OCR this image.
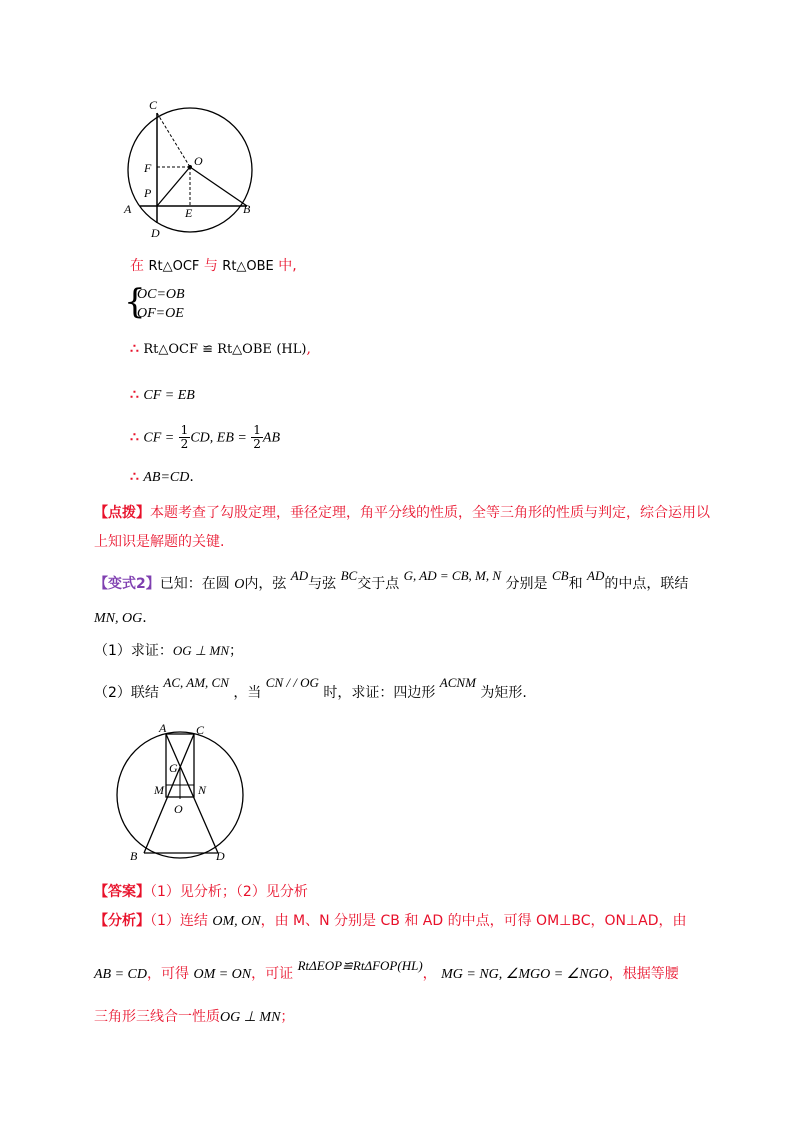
C
F	O
P
A	E	B
D
在 Rt△OCF 与 Rt△OBE 中,
{
OC=OB
OF=OE
∴ Rt△OCF ≌ Rt△OBE (HL),
∴ CF = EB
∴ CF = $\frac{1}{2}$ CD, EB = $\frac{1}{2}$ AB
∴ AB=CD.
【点拨】本题考查了勾股定理，垂径定理，角平分线的性质，全等三角形的性质与判定，综合运用以
上知识是解题的关键.
【变式2】已知：在圆 O内，弦 AD与弦 BC交于点 G, AD = CB, M, N 分别是 CB和 AD的中点，联结
MN, OG.
（1）求证：OG ⊥ MN；
（2）联结 AC, AM, CN ，当 CN / / OG 时，求证：四边形 ACNM 为矩形.
A C
G
M	N
O
B	D
【答案】（1）见分析；（2）见分析
【分析】（1）连结 OM, ON，由 M、N 分别是 CB 和 AD 的中点，可得 OM⊥BC，ON⊥AD，由
AB = CD，可得 OM = ON，可证 RtΔEOP≌RtΔFOP(HL)， MG = NG, ∠MGO = ∠NGO，根据等腰
三角形三线合一性质OG ⊥ MN；
